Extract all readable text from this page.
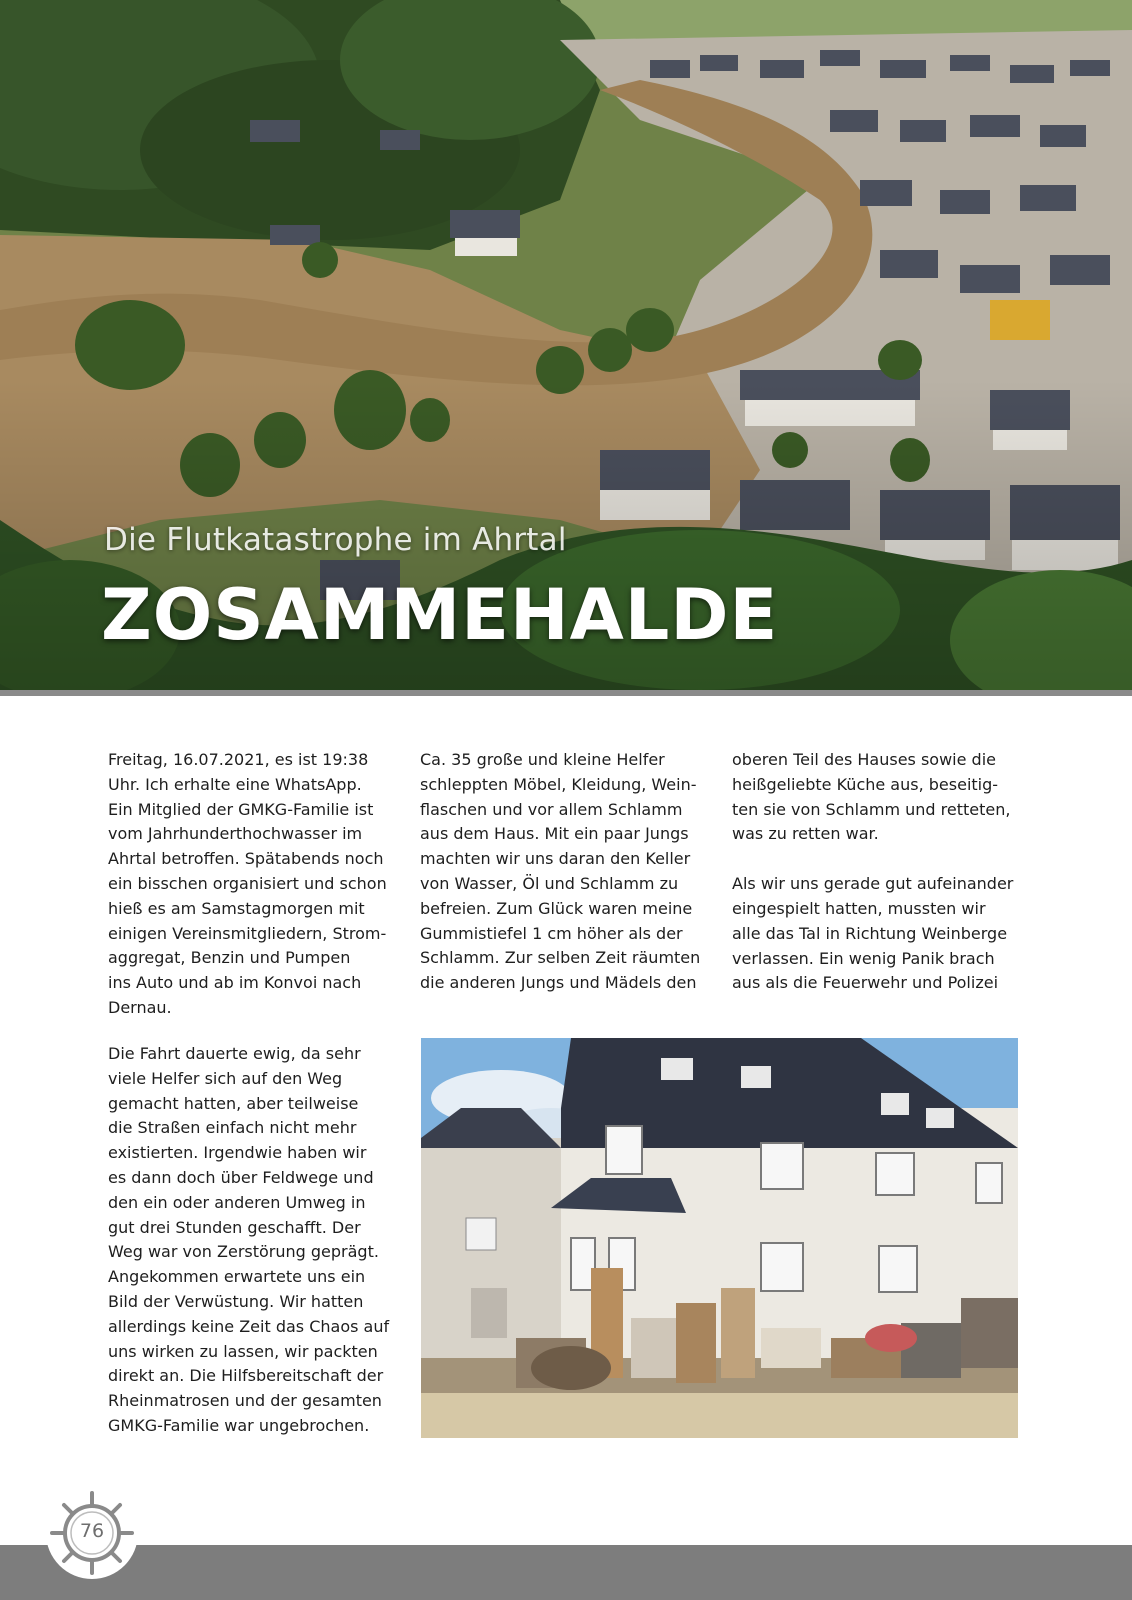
Die Flutkatastrophe im Ahrtal
ZOSAMMEHALDE

Freitag, 16.07.2021, es ist 19:38
Uhr. Ich erhalte eine WhatsApp.
Ein Mitglied der GMKG-Familie ist
vom Jahrhunderthochwasser im
Ahrtal betroffen. Spätabends noch
ein bisschen organisiert und schon
hieß es am Samstagmorgen mit
einigen Vereinsmitgliedern, Strom-
aggregat, Benzin und Pumpen
ins Auto und ab im Konvoi nach
Dernau.

Die Fahrt dauerte ewig, da sehr
viele Helfer sich auf den Weg
gemacht hatten, aber teilweise
die Straßen einfach nicht mehr
existierten. Irgendwie haben wir
es dann doch über Feldwege und
den ein oder anderen Umweg in
gut drei Stunden geschafft. Der
Weg war von Zerstörung geprägt.
Angekommen erwartete uns ein
Bild der Verwüstung. Wir hatten
allerdings keine Zeit das Chaos auf
uns wirken zu lassen, wir packten
direkt an. Die Hilfsbereitschaft der
Rheinmatrosen und der gesamten
GMKG-Familie war ungebrochen.

Ca. 35 große und kleine Helfer
schleppten Möbel, Kleidung, Wein-
flaschen und vor allem Schlamm
aus dem Haus. Mit ein paar Jungs
machten wir uns daran den Keller
von Wasser, Öl und Schlamm zu
befreien. Zum Glück waren meine
Gummistiefel 1 cm höher als der
Schlamm. Zur selben Zeit räumten
die anderen Jungs und Mädels den

oberen Teil des Hauses sowie die
heißgeliebte Küche aus, beseitig-
ten sie von Schlamm und retteten,
was zu retten war.

Als wir uns gerade gut aufeinander
eingespielt hatten, mussten wir
alle das Tal in Richtung Weinberge
verlassen. Ein wenig Panik brach
aus als die Feuerwehr und Polizei

76
